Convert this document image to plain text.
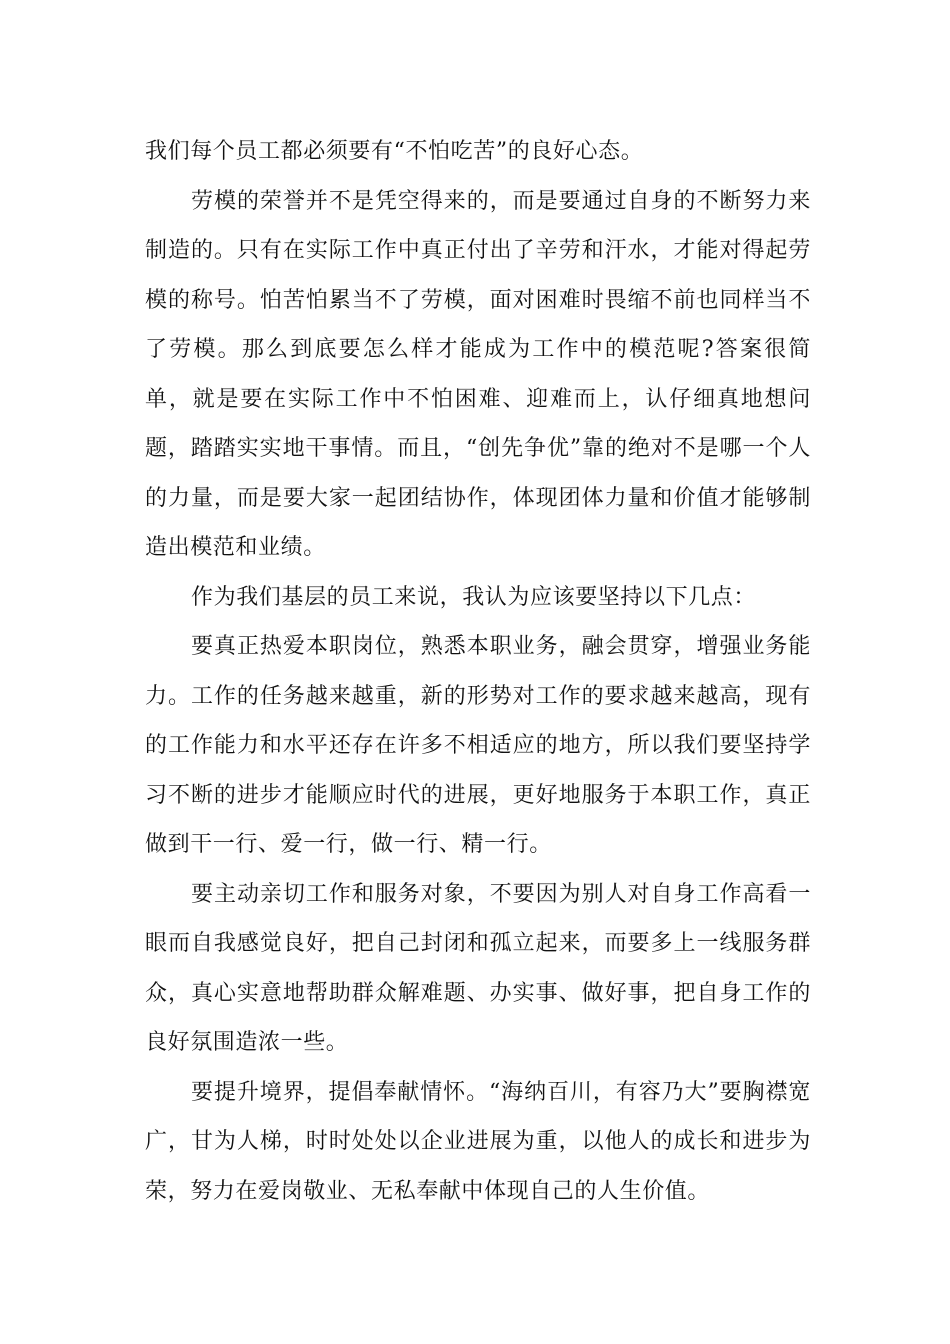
我们每个员工都必须要有“不怕吃苦”的良好心态。

劳模的荣誉并不是凭空得来的，而是要通过自身的不断努力来制造的。只有在实际工作中真正付出了辛劳和汗水，才能对得起劳模的称号。怕苦怕累当不了劳模，面对困难时畏缩不前也同样当不了劳模。那么到底要怎么样才能成为工作中的模范呢?答案很简单，就是要在实际工作中不怕困难、迎难而上，认仔细真地想问题，踏踏实实地干事情。而且，“创先争优”靠的绝对不是哪一个人的力量，而是要大家一起团结协作，体现团体力量和价值才能够制造出模范和业绩。

作为我们基层的员工来说，我认为应该要坚持以下几点：

要真正热爱本职岗位，熟悉本职业务，融会贯穿，增强业务能力。工作的任务越来越重，新的形势对工作的要求越来越高，现有的工作能力和水平还存在许多不相适应的地方，所以我们要坚持学习不断的进步才能顺应时代的进展，更好地服务于本职工作，真正做到干一行、爱一行，做一行、精一行。

要主动亲切工作和服务对象，不要因为别人对自身工作高看一眼而自我感觉良好，把自己封闭和孤立起来，而要多上一线服务群众，真心实意地帮助群众解难题、办实事、做好事，把自身工作的良好氛围造浓一些。

要提升境界，提倡奉献情怀。“海纳百川，有容乃大”要胸襟宽广，甘为人梯，时时处处以企业进展为重，以他人的成长和进步为荣，努力在爱岗敬业、无私奉献中体现自己的人生价值。
